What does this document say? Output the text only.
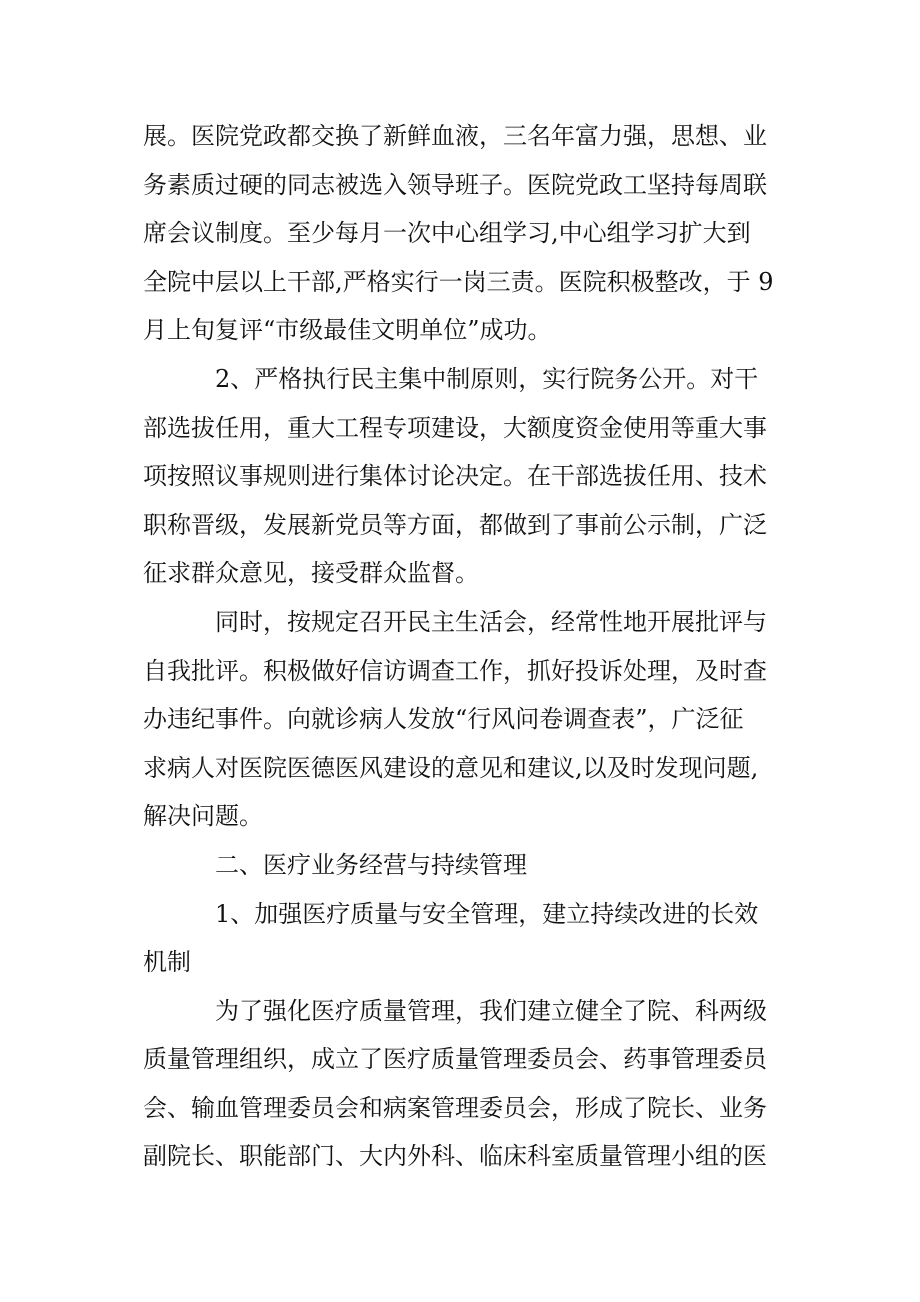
展。医院党政都交换了新鲜血液，三名年富力强，思想、业
务素质过硬的同志被选入领导班子。医院党政工坚持每周联
席会议制度。至少每月一次中心组学习,中心组学习扩大到
全院中层以上干部,严格实行一岗三责。医院积极整改，于 9
月上旬复评“市级最佳文明单位”成功。
2、严格执行民主集中制原则，实行院务公开。对干
部选拔任用，重大工程专项建设，大额度资金使用等重大事
项按照议事规则进行集体讨论决定。在干部选拔任用、技术
职称晋级，发展新党员等方面，都做到了事前公示制，广泛
征求群众意见，接受群众监督。
同时，按规定召开民主生活会，经常性地开展批评与
自我批评。积极做好信访调查工作，抓好投诉处理，及时查
办违纪事件。向就诊病人发放“行风问卷调查表”，广泛征
求病人对医院医德医风建设的意见和建议,以及时发现问题,
解决问题。
二、医疗业务经营与持续管理
1、加强医疗质量与安全管理，建立持续改进的长效
机制
为了强化医疗质量管理，我们建立健全了院、科两级
质量管理组织，成立了医疗质量管理委员会、药事管理委员
会、输血管理委员会和病案管理委员会，形成了院长、业务
副院长、职能部门、大内外科、临床科室质量管理小组的医
